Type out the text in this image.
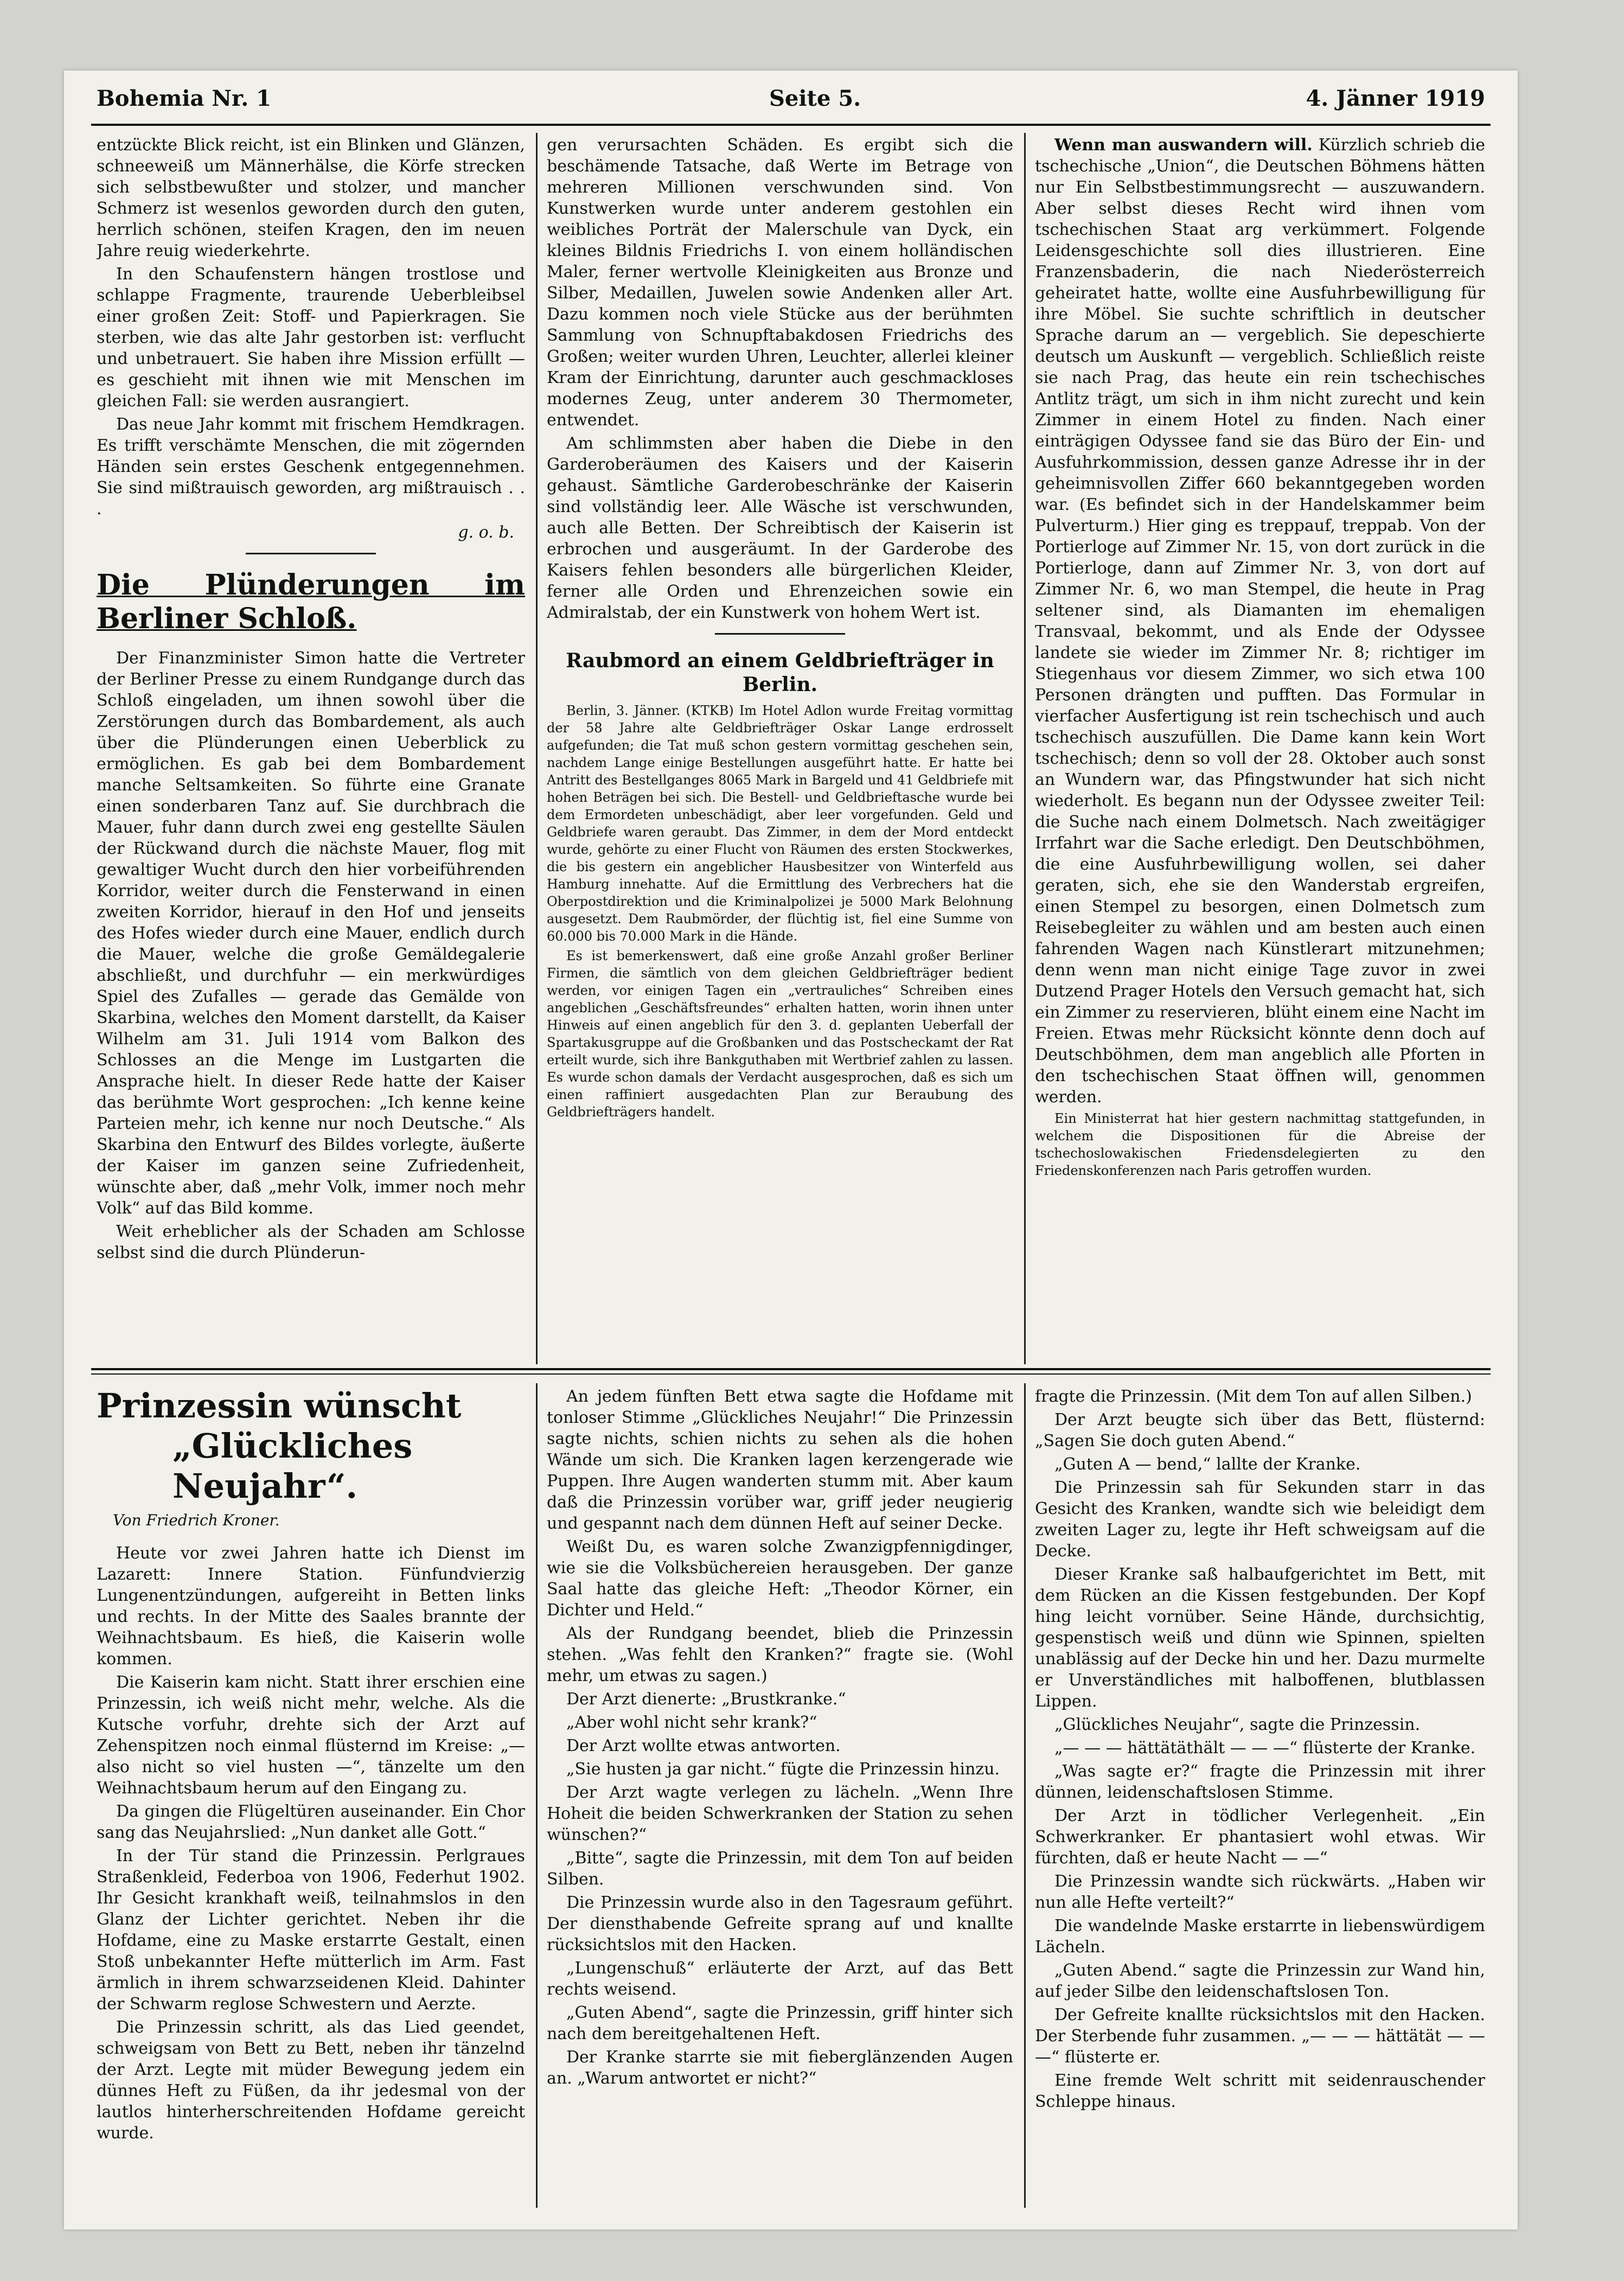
Bohemia Nr. 1	Seite 5.	4. Jänner 1919

entzückte Blick reicht, ist ein Blinken und Glänzen, schneeweiß um Männerhälse, die Körfe strecken sich selbstbewußter und stolzer, und mancher Schmerz ist wesenlos geworden durch den guten, herrlich schönen, steifen Kragen, den im neuen Jahre reuig wiederkehrte.

In den Schaufenstern hängen trostlose und schlappe Fragmente, traurende Ueberbleibsel einer großen Zeit: Stoff- und Papierkragen. Sie sterben, wie das alte Jahr gestorben ist: verflucht und unbetrauert. Sie haben ihre Mission erfüllt — es geschieht mit ihnen wie mit Menschen im gleichen Fall: sie werden ausrangiert.

Das neue Jahr kommt mit frischem Hemdkragen. Es trifft verschämte Menschen, die mit zögernden Händen sein erstes Geschenk entgegennehmen. Sie sind mißtrauisch geworden, arg mißtrauisch . . .

g. o. b.
Die Plünderungen im Berliner Schloß.

Der Finanzminister Simon hatte die Vertreter der Berliner Presse zu einem Rundgange durch das Schloß eingeladen, um ihnen sowohl über die Zerstörungen durch das Bombardement, als auch über die Plünderungen einen Ueberblick zu ermöglichen. Es gab bei dem Bombardement manche Seltsamkeiten. So führte eine Granate einen sonderbaren Tanz auf. Sie durchbrach die Mauer, fuhr dann durch zwei eng gestellte Säulen der Rückwand durch die nächste Mauer, flog mit gewaltiger Wucht durch den hier vorbeiführenden Korridor, weiter durch die Fensterwand in einen zweiten Korridor, hierauf in den Hof und jenseits des Hofes wieder durch eine Mauer, endlich durch die Mauer, welche die große Gemäldegalerie abschließt, und durchfuhr — ein merkwürdiges Spiel des Zufalles — gerade das Gemälde von Skarbina, welches den Moment darstellt, da Kaiser Wilhelm am 31. Juli 1914 vom Balkon des Schlosses an die Menge im Lustgarten die Ansprache hielt. In dieser Rede hatte der Kaiser das berühmte Wort gesprochen: „Ich kenne keine Parteien mehr, ich kenne nur noch Deutsche.“ Als Skarbina den Entwurf des Bildes vorlegte, äußerte der Kaiser im ganzen seine Zufriedenheit, wünschte aber, daß „mehr Volk, immer noch mehr Volk“ auf das Bild komme.

Weit erheblicher als der Schaden am Schlosse selbst sind die durch Plünderun-

gen verursachten Schäden. Es ergibt sich die beschämende Tatsache, daß Werte im Betrage von mehreren Millionen verschwunden sind. Von Kunstwerken wurde unter anderem gestohlen ein weibliches Porträt der Malerschule van Dyck, ein kleines Bildnis Friedrichs I. von einem holländischen Maler, ferner wertvolle Kleinigkeiten aus Bronze und Silber, Medaillen, Juwelen sowie Andenken aller Art. Dazu kommen noch viele Stücke aus der berühmten Sammlung von Schnupftabakdosen Friedrichs des Großen; weiter wurden Uhren, Leuchter, allerlei kleiner Kram der Einrichtung, darunter auch geschmackloses modernes Zeug, unter anderem 30 Thermometer, entwendet.

Am schlimmsten aber haben die Diebe in den Garderoberäumen des Kaisers und der Kaiserin gehaust. Sämtliche Garderobeschränke der Kaiserin sind vollständig leer. Alle Wäsche ist verschwunden, auch alle Betten. Der Schreibtisch der Kaiserin ist erbrochen und ausgeräumt. In der Garderobe des Kaisers fehlen besonders alle bürgerlichen Kleider, ferner alle Orden und Ehrenzeichen sowie ein Admiralstab, der ein Kunstwerk von hohem Wert ist.

Raubmord an einem Geldbriefträger in Berlin.

Berlin, 3. Jänner. (KTKB) Im Hotel Adlon wurde Freitag vormittag der 58 Jahre alte Geldbriefträger Oskar Lange erdrosselt aufgefunden; die Tat muß schon gestern vormittag geschehen sein, nachdem Lange einige Bestellungen ausgeführt hatte. Er hatte bei Antritt des Bestellganges 8065 Mark in Bargeld und 41 Geldbriefe mit hohen Beträgen bei sich. Die Bestell- und Geldbrieftasche wurde bei dem Ermordeten unbeschädigt, aber leer vorgefunden. Geld und Geldbriefe waren geraubt. Das Zimmer, in dem der Mord entdeckt wurde, gehörte zu einer Flucht von Räumen des ersten Stockwerkes, die bis gestern ein angeblicher Hausbesitzer von Winterfeld aus Hamburg innehatte. Auf die Ermittlung des Verbrechers hat die Oberpostdirektion und die Kriminalpolizei je 5000 Mark Belohnung ausgesetzt. Dem Raubmörder, der flüchtig ist, fiel eine Summe von 60.000 bis 70.000 Mark in die Hände.

Es ist bemerkenswert, daß eine große Anzahl großer Berliner Firmen, die sämtlich von dem gleichen Geldbriefträger bedient werden, vor einigen Tagen ein „vertrauliches“ Schreiben eines angeblichen „Geschäftsfreundes“ erhalten hatten, worin ihnen unter Hinweis auf einen angeblich für den 3. d. geplanten Ueberfall der Spartakusgruppe auf die Großbanken und das Postscheckamt der Rat erteilt wurde, sich ihre Bankguthaben mit Wertbrief zahlen zu lassen. Es wurde schon damals der Verdacht ausgesprochen, daß es sich um einen raffiniert ausgedachten Plan zur Beraubung des Geldbriefträgers handelt.

Wenn man auswandern will. Kürzlich schrieb die tschechische „Union“, die Deutschen Böhmens hätten nur Ein Selbstbestimmungsrecht — auszuwandern. Aber selbst dieses Recht wird ihnen vom tschechischen Staat arg verkümmert. Folgende Leidensgeschichte soll dies illustrieren. Eine Franzensbaderin, die nach Niederösterreich geheiratet hatte, wollte eine Ausfuhrbewilligung für ihre Möbel. Sie suchte schriftlich in deutscher Sprache darum an — vergeblich. Sie depeschierte deutsch um Auskunft — vergeblich. Schließlich reiste sie nach Prag, das heute ein rein tschechisches Antlitz trägt, um sich in ihm nicht zurecht und kein Zimmer in einem Hotel zu finden. Nach einer einträgigen Odyssee fand sie das Büro der Ein- und Ausfuhrkommission, dessen ganze Adresse ihr in der geheimnisvollen Ziffer 660 bekanntgegeben worden war. (Es befindet sich in der Handelskammer beim Pulverturm.) Hier ging es treppauf, treppab. Von der Portierloge auf Zimmer Nr. 15, von dort zurück in die Portierloge, dann auf Zimmer Nr. 3, von dort auf Zimmer Nr. 6, wo man Stempel, die heute in Prag seltener sind, als Diamanten im ehemaligen Transvaal, bekommt, und als Ende der Odyssee landete sie wieder im Zimmer Nr. 8; richtiger im Stiegenhaus vor diesem Zimmer, wo sich etwa 100 Personen drängten und pufften. Das Formular in vierfacher Ausfertigung ist rein tschechisch und auch tschechisch auszufüllen. Die Dame kann kein Wort tschechisch; denn so voll der 28. Oktober auch sonst an Wundern war, das Pfingstwunder hat sich nicht wiederholt. Es begann nun der Odyssee zweiter Teil: die Suche nach einem Dolmetsch. Nach zweitägiger Irrfahrt war die Sache erledigt. Den Deutschböhmen, die eine Ausfuhrbewilligung wollen, sei daher geraten, sich, ehe sie den Wanderstab ergreifen, einen Stempel zu besorgen, einen Dolmetsch zum Reisebegleiter zu wählen und am besten auch einen fahrenden Wagen nach Künstlerart mitzunehmen; denn wenn man nicht einige Tage zuvor in zwei Dutzend Prager Hotels den Versuch gemacht hat, sich ein Zimmer zu reservieren, blüht einem eine Nacht im Freien. Etwas mehr Rücksicht könnte denn doch auf Deutschböhmen, dem man angeblich alle Pforten in den tschechischen Staat öffnen will, genommen werden.

Ein Ministerrat hat hier gestern nachmittag stattgefunden, in welchem die Dispositionen für die Abreise der tschechoslowakischen Friedensdelegierten zu den Friedenskonferenzen nach Paris getroffen wurden.

Prinzessin wünscht
„Glückliches Neujahr“.
Von Friedrich Kroner.

Heute vor zwei Jahren hatte ich Dienst im Lazarett: Innere Station. Fünfundvierzig Lungenentzündungen, aufgereiht in Betten links und rechts. In der Mitte des Saales brannte der Weihnachtsbaum. Es hieß, die Kaiserin wolle kommen.

Die Kaiserin kam nicht. Statt ihrer erschien eine Prinzessin, ich weiß nicht mehr, welche. Als die Kutsche vorfuhr, drehte sich der Arzt auf Zehenspitzen noch einmal flüsternd im Kreise: „— also nicht so viel husten —“, tänzelte um den Weihnachtsbaum herum auf den Eingang zu.

Da gingen die Flügeltüren auseinander. Ein Chor sang das Neujahrslied: „Nun danket alle Gott.“

In der Tür stand die Prinzessin. Perlgraues Straßenkleid, Federboa von 1906, Federhut 1902. Ihr Gesicht krankhaft weiß, teilnahmslos in den Glanz der Lichter gerichtet. Neben ihr die Hofdame, eine zu Maske erstarrte Gestalt, einen Stoß unbekannter Hefte mütterlich im Arm. Fast ärmlich in ihrem schwarzseidenen Kleid. Dahinter der Schwarm reglose Schwestern und Aerzte.

Die Prinzessin schritt, als das Lied geendet, schweigsam von Bett zu Bett, neben ihr tänzelnd der Arzt. Legte mit müder Bewegung jedem ein dünnes Heft zu Füßen, da ihr jedesmal von der lautlos hinterherschreitenden Hofdame gereicht wurde.

An jedem fünften Bett etwa sagte die Hofdame mit tonloser Stimme „Glückliches Neujahr!“ Die Prinzessin sagte nichts, schien nichts zu sehen als die hohen Wände um sich. Die Kranken lagen kerzengerade wie Puppen. Ihre Augen wanderten stumm mit. Aber kaum daß die Prinzessin vorüber war, griff jeder neugierig und gespannt nach dem dünnen Heft auf seiner Decke.

Weißt Du, es waren solche Zwanzigpfennigdinger, wie sie die Volksbüchereien herausgeben. Der ganze Saal hatte das gleiche Heft: „Theodor Körner, ein Dichter und Held.“

Als der Rundgang beendet, blieb die Prinzessin stehen. „Was fehlt den Kranken?“ fragte sie. (Wohl mehr, um etwas zu sagen.)

Der Arzt dienerte: „Brustkranke.“

„Aber wohl nicht sehr krank?“

Der Arzt wollte etwas antworten.

„Sie husten ja gar nicht.“ fügte die Prinzessin hinzu.

Der Arzt wagte verlegen zu lächeln. „Wenn Ihre Hoheit die beiden Schwerkranken der Station zu sehen wünschen?“

„Bitte“, sagte die Prinzessin, mit dem Ton auf beiden Silben.

Die Prinzessin wurde also in den Tagesraum geführt. Der diensthabende Gefreite sprang auf und knallte rücksichtslos mit den Hacken.

„Lungenschuß“ erläuterte der Arzt, auf das Bett rechts weisend.

„Guten Abend“, sagte die Prinzessin, griff hinter sich nach dem bereitgehaltenen Heft.

Der Kranke starrte sie mit fieberglänzenden Augen an. „Warum antwortet er nicht?“

fragte die Prinzessin. (Mit dem Ton auf allen Silben.)

Der Arzt beugte sich über das Bett, flüsternd: „Sagen Sie doch guten Abend.“

„Guten A — bend,“ lallte der Kranke.

Die Prinzessin sah für Sekunden starr in das Gesicht des Kranken, wandte sich wie beleidigt dem zweiten Lager zu, legte ihr Heft schweigsam auf die Decke.

Dieser Kranke saß halbaufgerichtet im Bett, mit dem Rücken an die Kissen festgebunden. Der Kopf hing leicht vornüber. Seine Hände, durchsichtig, gespenstisch weiß und dünn wie Spinnen, spielten unablässig auf der Decke hin und her. Dazu murmelte er Unverständliches mit halboffenen, blutblassen Lippen.

„Glückliches Neujahr“, sagte die Prinzessin.

„— — — hättätäthält — — —“ flüsterte der Kranke.

„Was sagte er?“ fragte die Prinzessin mit ihrer dünnen, leidenschaftslosen Stimme.

Der Arzt in tödlicher Verlegenheit. „Ein Schwerkranker. Er phantasiert wohl etwas. Wir fürchten, daß er heute Nacht — —“

Die Prinzessin wandte sich rückwärts. „Haben wir nun alle Hefte verteilt?“

Die wandelnde Maske erstarrte in liebenswürdigem Lächeln.

„Guten Abend.“ sagte die Prinzessin zur Wand hin, auf jeder Silbe den leidenschaftslosen Ton.

Der Gefreite knallte rücksichtslos mit den Hacken. Der Sterbende fuhr zusammen. „— — — hättätät — — —“ flüsterte er.

Eine fremde Welt schritt mit seidenrauschender Schleppe hinaus.
